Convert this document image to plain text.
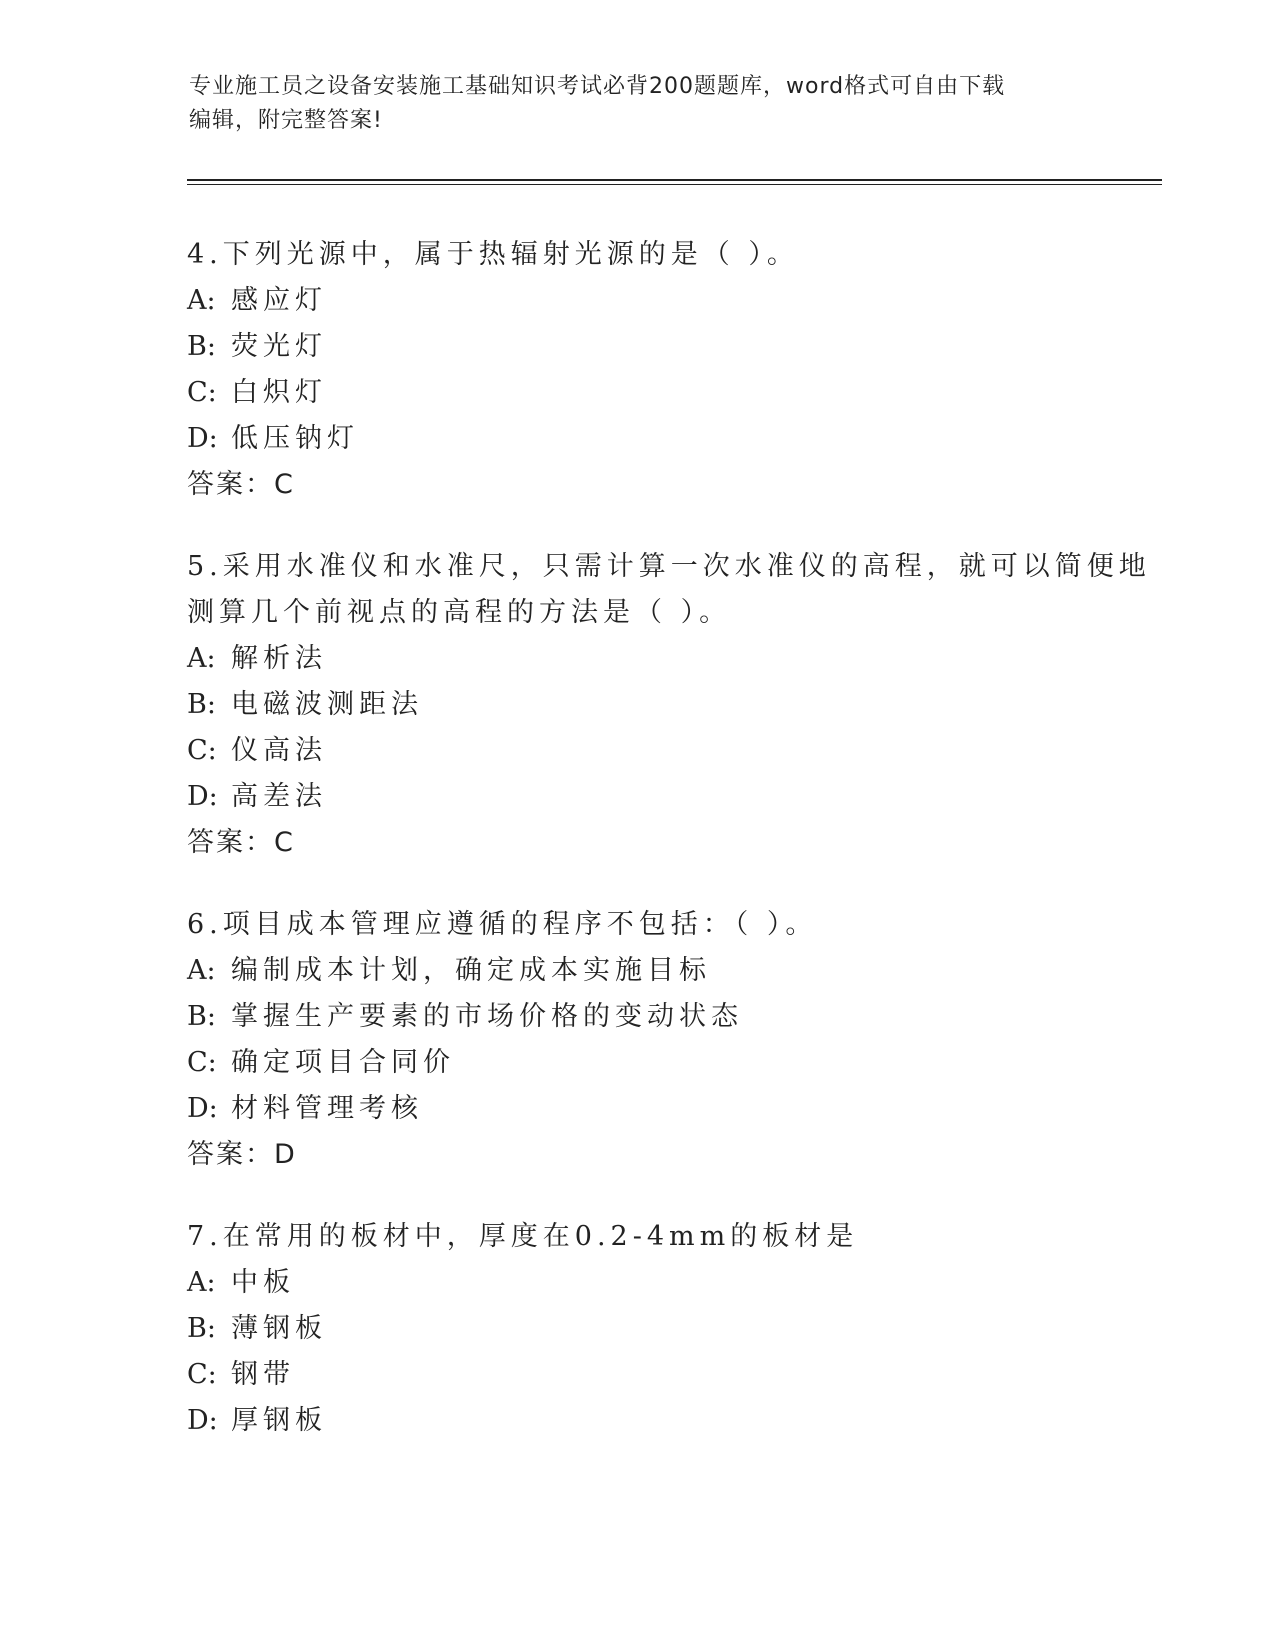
专业施工员之设备安装施工基础知识考试必背200题题库，word格式可自由下载
编辑，附完整答案!
4.下列光源中，属于热辐射光源的是（ ）。
A: 感应灯
B: 荧光灯
C: 白炽灯
D: 低压钠灯
答案：C
5.采用水准仪和水准尺，只需计算一次水准仪的高程，就可以简便地
测算几个前视点的高程的方法是（ ）。
A: 解析法
B: 电磁波测距法
C: 仪高法
D: 高差法
答案：C
6.项目成本管理应遵循的程序不包括：（ ）。
A: 编制成本计划，确定成本实施目标
B: 掌握生产要素的市场价格的变动状态
C: 确定项目合同价
D: 材料管理考核
答案：D
7.在常用的板材中，厚度在0.2-4mm的板材是
A: 中板
B: 薄钢板
C: 钢带
D: 厚钢板
